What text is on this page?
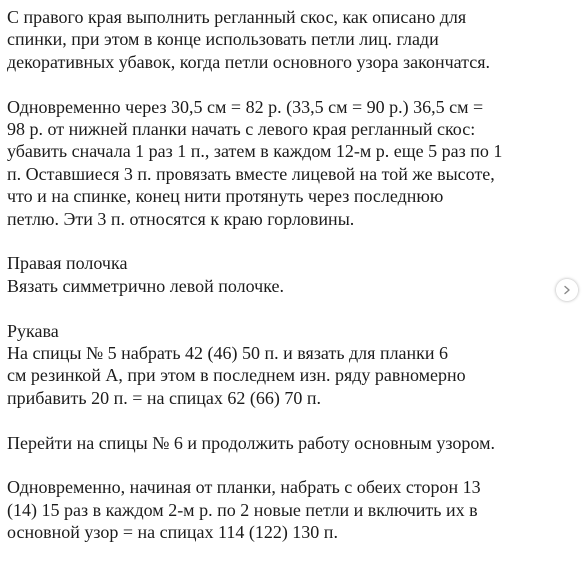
С правого края выполнить регланный скос, как описано для
спинки, при этом в конце использовать петли лиц. глади
декоративных убавок, когда петли основного узора закончатся.

Одновременно через 30,5 см = 82 р. (33,5 см = 90 р.) 36,5 см =
98 р. от нижней планки начать с левого края регланный скос:
убавить сначала 1 раз 1 п., затем в каждом 12-м р. еще 5 раз по 1
п. Оставшиеся 3 п. провязать вместе лицевой на той же высоте,
что и на спинке, конец нити протянуть через последнюю
петлю. Эти 3 п. относятся к краю горловины.

Правая полочка

Вязать симметрично левой полочке.

Рукава

На спицы № 5 набрать 42 (46) 50 п. и вязать для планки 6
см резинкой А, при этом в последнем изн. ряду равномерно
прибавить 20 п. = на спицах 62 (66) 70 п.

Перейти на спицы № 6 и продолжить работу основным узором.

Одновременно, начиная от планки, набрать с обеих сторон 13
(14) 15 раз в каждом 2-м р. по 2 новые петли и включить их в
основной узор = на спицах 114 (122) 130 п.
